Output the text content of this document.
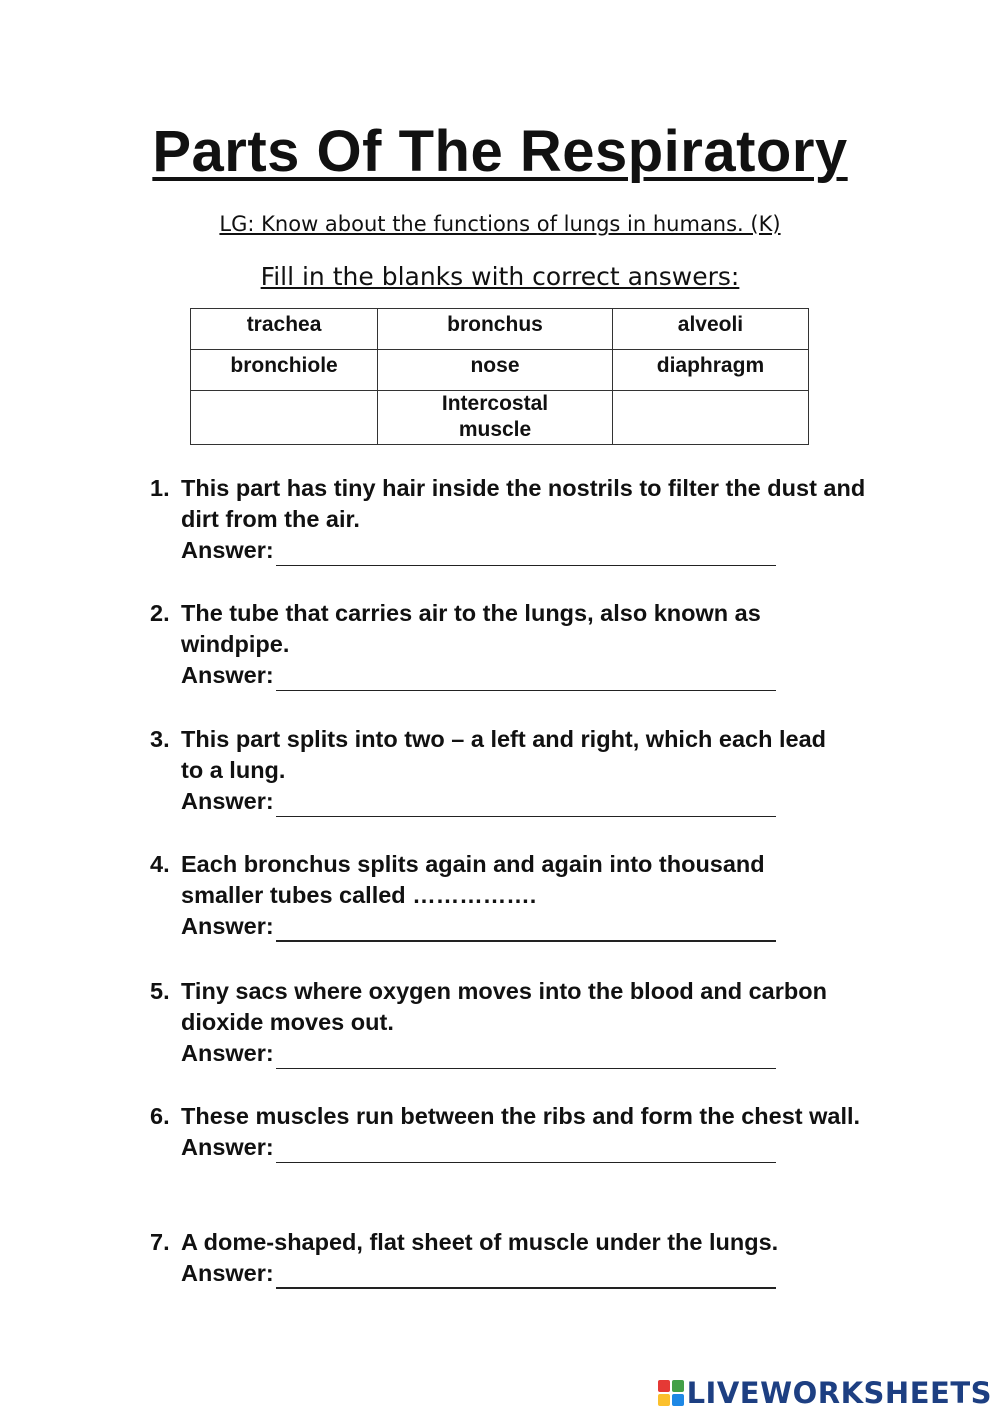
Parts Of The Respiratory
LG: Know about the functions of lungs in humans. (K)
Fill in the blanks with correct answers:
trachea	bronchus	alveoli
bronchiole	nose	diaphragm
	Intercostal muscle	
1. This part has tiny hair inside the nostrils to filter the dust and dirt from the air.
Answer:
2. The tube that carries air to the lungs, also known as windpipe.
Answer:
3. This part splits into two – a left and right, which each lead to a lung.
Answer:
4. Each bronchus splits again and again into thousand smaller tubes called …………….
Answer:
5. Tiny sacs where oxygen moves into the blood and carbon dioxide moves out.
Answer:
6. These muscles run between the ribs and form the chest wall.
Answer:
7. A dome-shaped, flat sheet of muscle under the lungs.
Answer:
LIVEWORKSHEETS
